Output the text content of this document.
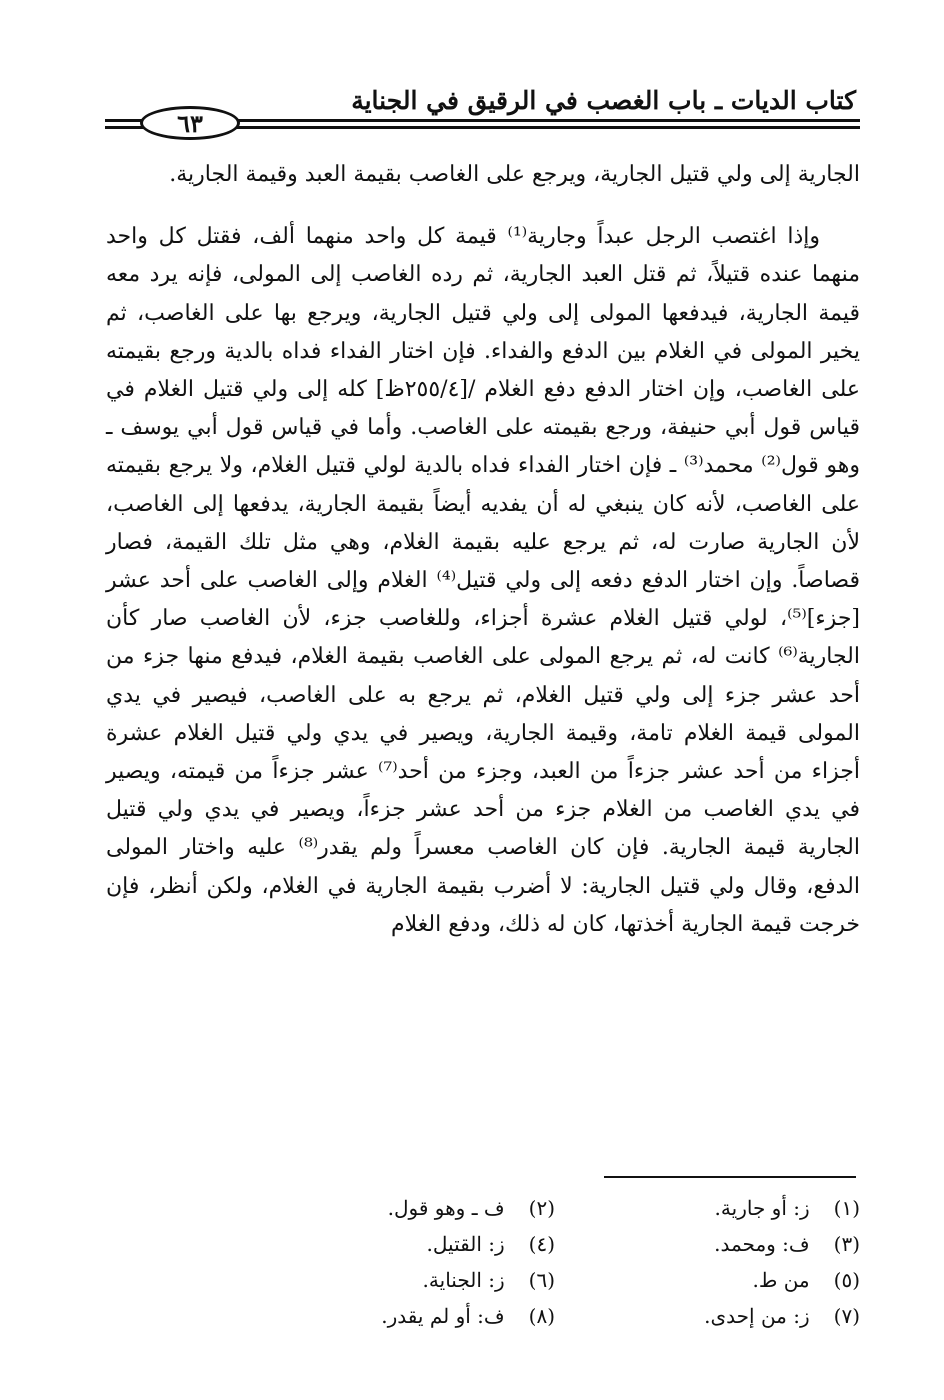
كتاب الديات ـ باب الغصب في الرقيق في الجناية
٦٣

الجارية إلى ولي قتيل الجارية، ويرجع على الغاصب بقيمة العبد وقيمة الجارية.

وإذا اغتصب الرجل عبداً وجارية⁽¹⁾ قيمة كل واحد منهما ألف، فقتل كل واحد منهما عنده قتيلاً، ثم قتل العبد الجارية، ثم رده الغاصب إلى المولى، فإنه يرد معه قيمة الجارية، فيدفعها المولى إلى ولي قتيل الجارية، ويرجع بها على الغاصب، ثم يخير المولى في الغلام بين الدفع والفداء. فإن اختار الفداء فداه بالدية ورجع بقيمته على الغاصب، وإن اختار الدفع دفع الغلام /[٢٥٥/٤ظ] كله إلى ولي قتيل الغلام في قياس قول أبي حنيفة، ورجع بقيمته على الغاصب. وأما في قياس قول أبي يوسف ـ وهو قول⁽²⁾ محمد⁽³⁾ ـ فإن اختار الفداء فداه بالدية لولي قتيل الغلام، ولا يرجع بقيمته على الغاصب، لأنه كان ينبغي له أن يفديه أيضاً بقيمة الجارية، يدفعها إلى الغاصب، لأن الجارية صارت له، ثم يرجع عليه بقيمة الغلام، وهي مثل تلك القيمة، فصار قصاصاً. وإن اختار الدفع دفعه إلى ولي قتيل⁽⁴⁾ الغلام وإلى الغاصب على أحد عشر [جزء]⁽⁵⁾، لولي قتيل الغلام عشرة أجزاء، وللغاصب جزء، لأن الغاصب صار كأن الجارية⁽⁶⁾ كانت له، ثم يرجع المولى على الغاصب بقيمة الغلام، فيدفع منها جزء من أحد عشر جزء إلى ولي قتيل الغلام، ثم يرجع به على الغاصب، فيصير في يدي المولى قيمة الغلام تامة، وقيمة الجارية، ويصير في يدي ولي قتيل الغلام عشرة أجزاء من أحد عشر جزءاً من العبد، وجزء من أحد⁽⁷⁾ عشر جزءاً من قيمته، ويصير في يدي الغاصب من الغلام جزء من أحد عشر جزءاً، ويصير في يدي ولي قتيل الجارية قيمة الجارية. فإن كان الغاصب معسراً ولم يقدر⁽⁸⁾ عليه واختار المولى الدفع، وقال ولي قتيل الجارية: لا أضرب بقيمة الجارية في الغلام، ولكن أنظر، فإن خرجت قيمة الجارية أخذتها، كان له ذلك، ودفع الغلام

(١) ز: أو جارية.
(٢) ف ـ وهو قول.
(٣) ف: ومحمد.
(٤) ز: القتيل.
(٥) من ط.
(٦) ز: الجناية.
(٧) ز: من إحدى.
(٨) ف: أو لم يقدر.
